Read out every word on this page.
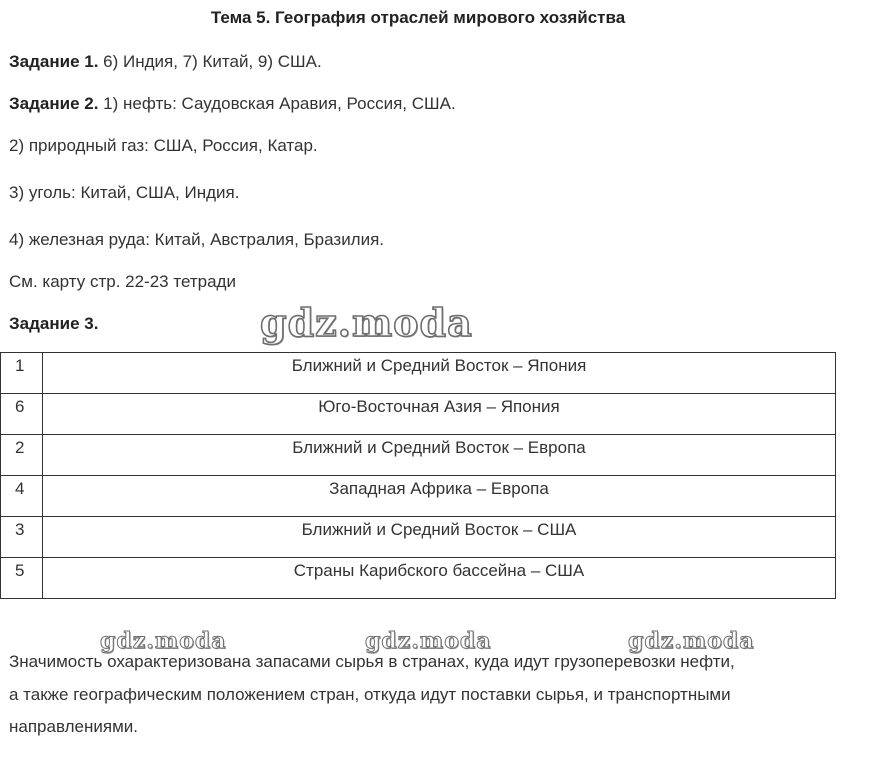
Тема 5. География отраслей мирового хозяйства
Задание 1. 6) Индия, 7) Китай, 9) США.
Задание 2. 1) нефть: Саудовская Аравия, Россия, США.
2) природный газ: США, Россия, Катар.
3) уголь: Китай, США, Индия.
4) железная руда: Китай, Австралия, Бразилия.
См. карту стр. 22-23 тетради
Задание 3.	gdz.moda
1	Ближний и Средний Восток – Япония
6	Юго-Восточная Азия – Япония
2	Ближний и Средний Восток – Европа
4	Западная Африка – Европа
3	Ближний и Средний Восток – США
5	Страны Карибского бассейна – США
gdz.moda	gdz.moda	gdz.moda
Значимость охарактеризована запасами сырья в странах, куда идут грузоперевозки нефти,
а также географическим положением стран, откуда идут поставки сырья, и транспортными
направлениями.
